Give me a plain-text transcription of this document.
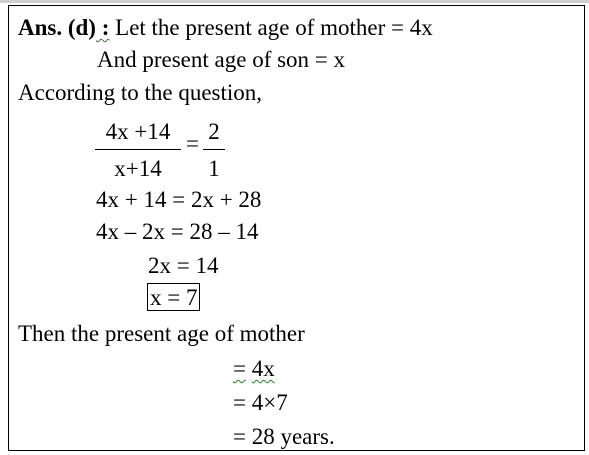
Ans. (d) : Let the present age of mother = 4x
And present age of son = x
According to the question,
4x +14
x+14
= 2
1
4x + 14 = 2x + 28
4x – 2x = 28 – 14
2x = 14
x = 7
Then the present age of mother
= 4x
= 4×7
= 28 years.
